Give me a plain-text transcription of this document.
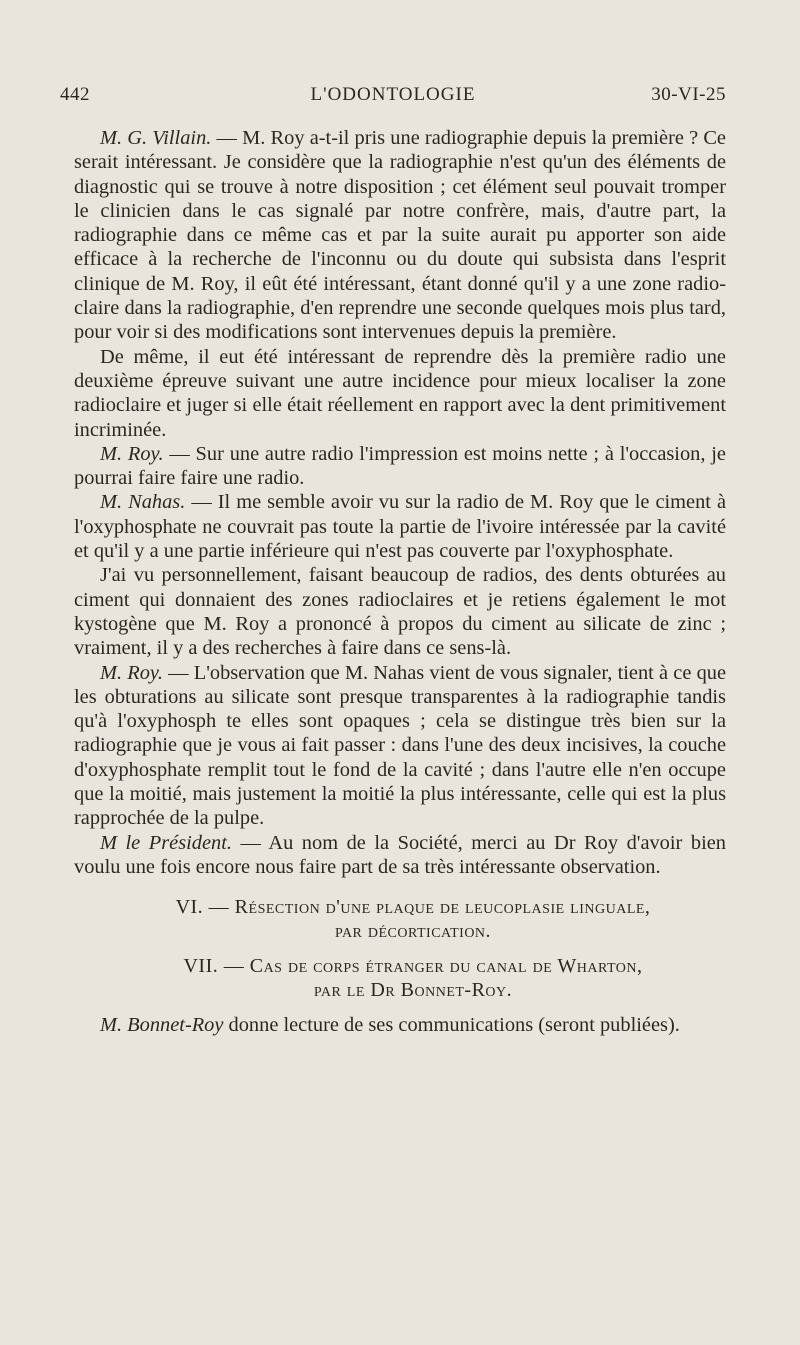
442	L'ODONTOLOGIE	30-VI-25

M. G. Villain. — M. Roy a-t-il pris une radiographie depuis la première ? Ce serait intéressant. Je considère que la radiographie n'est qu'un des éléments de diagnostic qui se trouve à notre disposition ; cet élément seul pouvait tromper le clinicien dans le cas signalé par notre confrère, mais, d'autre part, la radiographie dans ce même cas et par la suite aurait pu apporter son aide efficace à la recherche de l'inconnu ou du doute qui subsista dans l'esprit clinique de M. Roy, il eût été intéressant, étant donné qu'il y a une zone radio-claire dans la radiographie, d'en reprendre une seconde quelques mois plus tard, pour voir si des modifications sont intervenues depuis la première.

De même, il eut été intéressant de reprendre dès la première radio une deuxième épreuve suivant une autre incidence pour mieux localiser la zone radioclaire et juger si elle était réellement en rapport avec la dent primitivement incriminée.

M. Roy. — Sur une autre radio l'impression est moins nette ; à l'occasion, je pourrai faire faire une radio.

M. Nahas. — Il me semble avoir vu sur la radio de M. Roy que le ciment à l'oxyphosphate ne couvrait pas toute la partie de l'ivoire intéressée par la cavité et qu'il y a une partie inférieure qui n'est pas couverte par l'oxyphosphate.

J'ai vu personnellement, faisant beaucoup de radios, des dents obturées au ciment qui donnaient des zones radioclaires et je retiens également le mot kystogène que M. Roy a prononcé à propos du ciment au silicate de zinc ; vraiment, il y a des recherches à faire dans ce sens-là.

M. Roy. — L'observation que M. Nahas vient de vous signaler, tient à ce que les obturations au silicate sont presque transparentes à la radiographie tandis qu'à l'oxyphosph te elles sont opaques ; cela se distingue très bien sur la radiographie que je vous ai fait passer : dans l'une des deux incisives, la couche d'oxyphosphate remplit tout le fond de la cavité ; dans l'autre elle n'en occupe que la moitié, mais justement la moitié la plus intéressante, celle qui est la plus rapprochée de la pulpe.

M le Président. — Au nom de la Société, merci au Dr Roy d'avoir bien voulu une fois encore nous faire part de sa très intéressante observation.

VI. — Résection d'une plaque de leucoplasie linguale,

par décortication.

VII. — Cas de corps étranger du canal de Wharton,

par le Dr Bonnet-Roy.

M. Bonnet-Roy donne lecture de ses communications (seront publiées).
